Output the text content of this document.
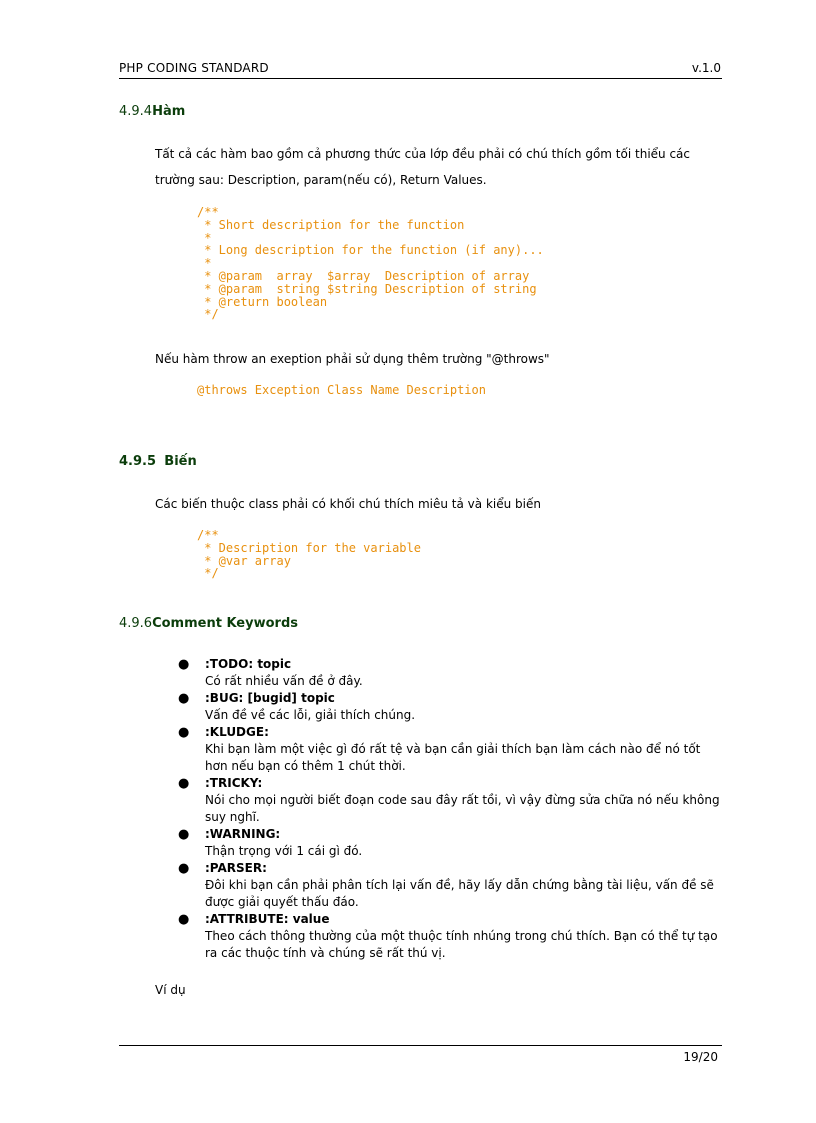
PHP CODING STANDARD	v.1.0
4.9.4Hàm
Tất cả các hàm bao gồm cả phương thức của lớp đều phải có chú thích gồm tối thiểu các
trường sau: Description, param(nếu có), Return Values.
/**
* Short description for the function
*
* Long description for the function (if any)...
*
* @param  array  $array  Description of array
* @param  string $string Description of string
* @return boolean
*/
Nếu hàm throw an exeption phải sử dụng thêm trường "@throws"
@throws Exception Class Name Description
4.9.5 Biến
Các biến thuộc class phải có khối chú thích miêu tả và kiểu biến
/**
* Description for the variable
* @var array
*/
4.9.6Comment Keywords
● :TODO: topic
Có rất nhiều vấn đề ở đây.
● :BUG: [bugid] topic
Vấn đề về các lỗi, giải thích chúng.
● :KLUDGE:
Khi bạn làm một việc gì đó rất tệ và bạn cần giải thích bạn làm cách nào để nó tốt hơn nếu bạn có thêm 1 chút thời.
● :TRICKY:
Nói cho mọi người biết đoạn code sau đây rất tồi, vì vậy đừng sửa chữa nó nếu không suy nghĩ.
● :WARNING:
Thận trọng với 1 cái gì đó.
● :PARSER:
Đôi khi bạn cần phải phân tích lại vấn đề, hãy lấy dẫn chứng bằng tài liệu, vấn đề sẽ được giải quyết thấu đáo.
● :ATTRIBUTE: value
Theo cách thông thường của một thuộc tính nhúng trong chú thích. Bạn có thể tự tạo ra các thuộc tính và chúng sẽ rất thú vị.
Ví dụ
19/20
